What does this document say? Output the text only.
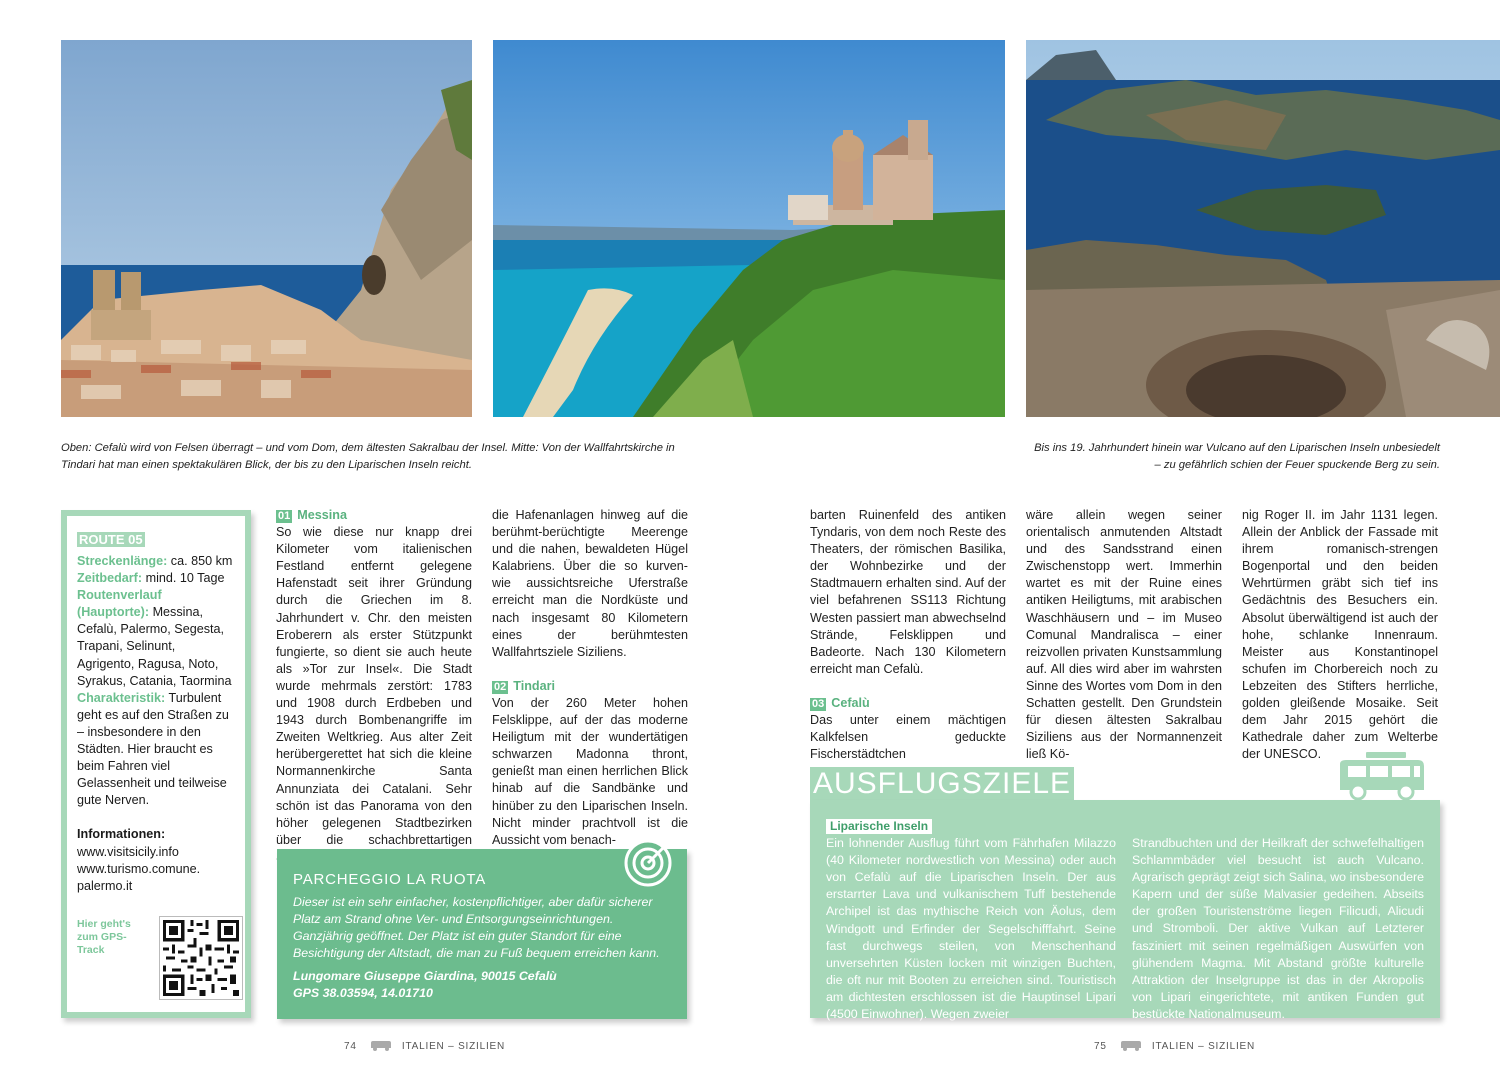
Oben: Cefalù wird von Felsen überragt – und vom Dom, dem ältesten Sakralbau der Insel. Mitte: Von der Wallfahrtskirche in Tindari hat man einen spektakulären Blick, der bis zu den Liparischen Inseln reicht.
Bis ins 19. Jahrhundert hinein war Vulcano auf den Liparischen Inseln unbesiedelt – zu gefährlich schien der Feuer spuckende Berg zu sein.
ROUTE 05
Streckenlänge: ca. 850 km
Zeitbedarf: mind. 10 Tage
Routenverlauf (Hauptorte): Messina, Cefalù, Palermo, Segesta, Trapani, Selinunt, Agrigento, Ragusa, Noto, Syrakus, Catania, Taormina
Charakteristik: Turbulent geht es auf den Straßen zu – insbesondere in den Städten. Hier braucht es beim Fahren viel Gelassenheit und teilweise gute Nerven.
Informationen:
www.visitsicily.info
www.turismo.comune. palermo.it
Hier geht's zum GPS-Track
01 Messina

So wie diese nur knapp drei Kilometer vom italienischen Festland entfernt gelegene Hafenstadt seit ihrer Gründung durch die Griechen im 8. Jahrhundert v. Chr. den meisten Eroberern als erster Stützpunkt fungierte, so dient sie auch heute als »Tor zur Insel«. Die Stadt wurde mehrmals zerstört: 1783 und 1908 durch Erdbeben und 1943 durch Bombenangriffe im Zweiten Weltkrieg. Aus alter Zeit herübergerettet hat sich die kleine Normannenkirche Santa Annunziata dei Catalani. Sehr schön ist das Panorama von den höher gelegenen Stadtbezirken über die schachbrettartigen

die Hafenanlagen hinweg auf die berühmt-berüchtigte Meerenge und die nahen, bewaldeten Hügel Kalabriens. Über die so kurven- wie aussichtsreiche Uferstraße erreicht man die Nordküste und nach insgesamt 80 Kilometern eines der berühmtesten Wallfahrtsziele Siziliens.

02 Tindari

Von der 260 Meter hohen Felsklippe, auf der das moderne Heiligtum mit der wundertätigen schwarzen Madonna thront, genießt man einen herrlichen Blick hinab auf die Sandbänke und hinüber zu den Liparischen Inseln. Nicht minder prachtvoll ist die Aussicht vom benach-

barten Ruinenfeld des antiken Tyndaris, von dem noch Reste des Theaters, der römischen Basilika, der Wohnbezirke und der Stadtmauern erhalten sind. Auf der viel befahrenen SS113 Richtung Westen passiert man abwechselnd Strände, Felsklippen und Badeorte. Nach 130 Kilometern erreicht man Cefalù.

03 Cefalù

Das unter einem mächtigen Kalkfelsen geduckte Fischerstädtchen

wäre allein wegen seiner orientalisch anmutenden Altstadt und des Sandsstrand einen Zwischenstopp wert. Immerhin wartet es mit der Ruine eines antiken Heiligtums, mit arabischen Waschhäusern und – im Museo Comunal Mandralisca – einer reizvollen privaten Kunstsammlung auf. All dies wird aber im wahrsten Sinne des Wortes vom Dom in den Schatten gestellt. Den Grundstein für diesen ältesten Sakralbau Siziliens aus der Normannenzeit ließ Kö-

nig Roger II. im Jahr 1131 legen. Allein der Anblick der Fassade mit ihrem romanisch-strengen Bogenportal und den beiden Wehrtürmen gräbt sich tief ins Gedächtnis des Besuchers ein. Absolut überwältigend ist auch der hohe, schlanke Innenraum. Meister aus Konstantinopel schufen im Chorbereich noch zu Lebzeiten des Stifters herrliche, golden gleißende Mosaike. Seit dem Jahr 2015 gehört die Kathedrale daher zum Welterbe der UNESCO.

PARCHEGGIO LA RUOTA
Dieser ist ein sehr einfacher, kostenpflichtiger, aber dafür sicherer Platz am Strand ohne Ver- und Entsorgungseinrichtungen. Ganzjährig geöffnet. Der Platz ist ein guter Standort für eine Besichtigung der Altstadt, die man zu Fuß bequem erreichen kann.
Lungomare Giuseppe Giardina, 90015 Cefalù
GPS 38.03594, 14.01710
AUSFLUGSZIELE
Liparische Inseln
Ein lohnender Ausflug führt vom Fährhafen Milazzo (40 Kilometer nordwestlich von Messina) oder auch von Cefalù auf die Liparischen Inseln. Der aus erstarrter Lava und vulkanischem Tuff bestehende Archipel ist das mythische Reich von Äolus, dem Windgott und Erfinder der Segelschifffahrt. Seine fast durchwegs steilen, von Menschenhand unversehrten Küsten locken mit winzigen Buchten, die oft nur mit Booten zu erreichen sind. Touristisch am dichtesten erschlossen ist die Hauptinsel Lipari (4500 Einwohner). Wegen zweier
Strandbuchten und der Heilkraft der schwefelhaltigen Schlammbäder viel besucht ist auch Vulcano. Agrarisch geprägt zeigt sich Salina, wo insbesondere Kapern und der süße Malvasier gedeihen. Abseits der großen Touristenströme liegen Filicudi, Alicudi und Stromboli. Der aktive Vulkan auf Letzterer fasziniert mit seinen regelmäßigen Auswürfen von glühendem Magma. Mit Abstand größte kulturelle Attraktion der Inselgruppe ist das in der Akropolis von Lipari eingerichtete, mit antiken Funden gut bestückte Nationalmuseum.
74	ITALIEN – SIZILIEN	75	ITALIEN – SIZILIEN
